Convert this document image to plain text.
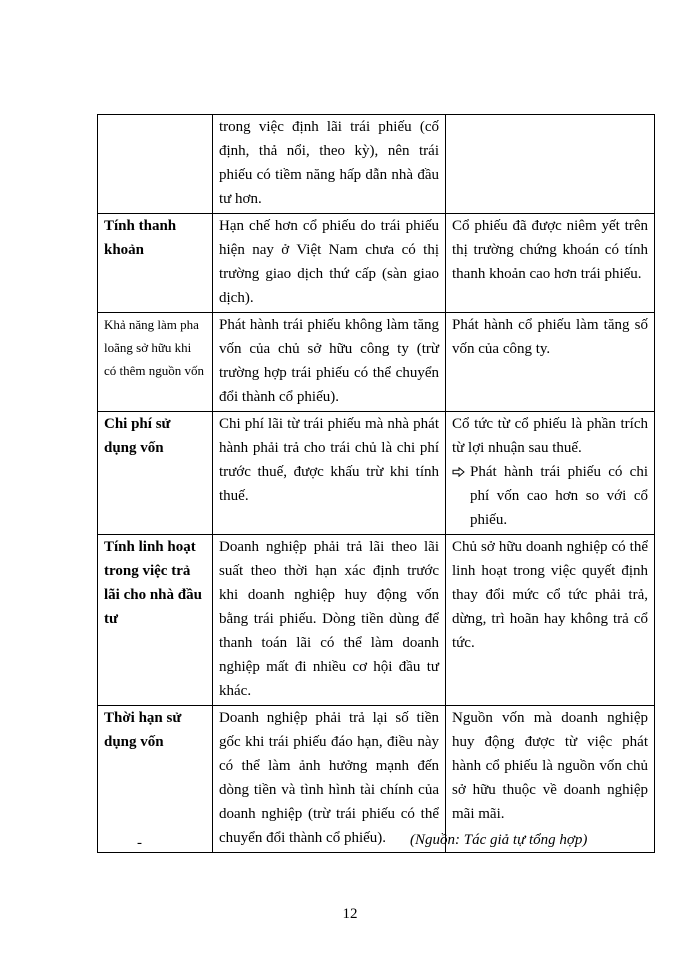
	trong việc định lãi trái phiếu (cố định, thả nổi, theo kỳ), nên trái phiếu có tiềm năng hấp dẫn nhà đầu tư hơn.	
Tính thanh khoản	Hạn chế hơn cổ phiếu do trái phiếu hiện nay ở Việt Nam chưa có thị trường giao dịch thứ cấp (sàn giao dịch).	Cổ phiếu đã được niêm yết trên thị trường chứng khoán có tính thanh khoản cao hơn trái phiếu.
Khả năng làm pha loãng sở hữu khi có thêm nguồn vốn	Phát hành trái phiếu không làm tăng vốn của chủ sở hữu công ty (trừ trường hợp trái phiếu có thể chuyển đổi thành cổ phiếu).	Phát hành cổ phiếu làm tăng số vốn của công ty.
Chi phí sử dụng vốn	Chi phí lãi từ trái phiếu mà nhà phát hành phải trả cho trái chủ là chi phí trước thuế, được khấu trừ khi tính thuế.	Cổ tức từ cổ phiếu là phần trích từ lợi nhuận sau thuế.
Phát hành trái phiếu có chi phí vốn cao hơn so với cổ phiếu.

Tính linh hoạt trong việc trả lãi cho nhà đầu tư	Doanh nghiệp phải trả lãi theo lãi suất theo thời hạn xác định trước khi doanh nghiệp huy động vốn bằng trái phiếu. Dòng tiền dùng để thanh toán lãi có thể làm doanh nghiệp mất đi nhiều cơ hội đầu tư khác.	Chủ sở hữu doanh nghiệp có thể linh hoạt trong việc quyết định thay đổi mức cổ tức phải trả, dừng, trì hoãn hay không trả cổ tức.
Thời hạn sử dụng vốn	Doanh nghiệp phải trả lại số tiền gốc khi trái phiếu đáo hạn, điều này có thể làm ảnh hưởng mạnh đến dòng tiền và tình hình tài chính của doanh nghiệp (trừ trái phiếu có thể chuyển đổi thành cổ phiếu).	Nguồn vốn mà doanh nghiệp huy động được từ việc phát hành cổ phiếu là nguồn vốn chủ sở hữu thuộc về doanh nghiệp mãi mãi.
-	(Nguồn: Tác giả tự tổng hợp)
12
